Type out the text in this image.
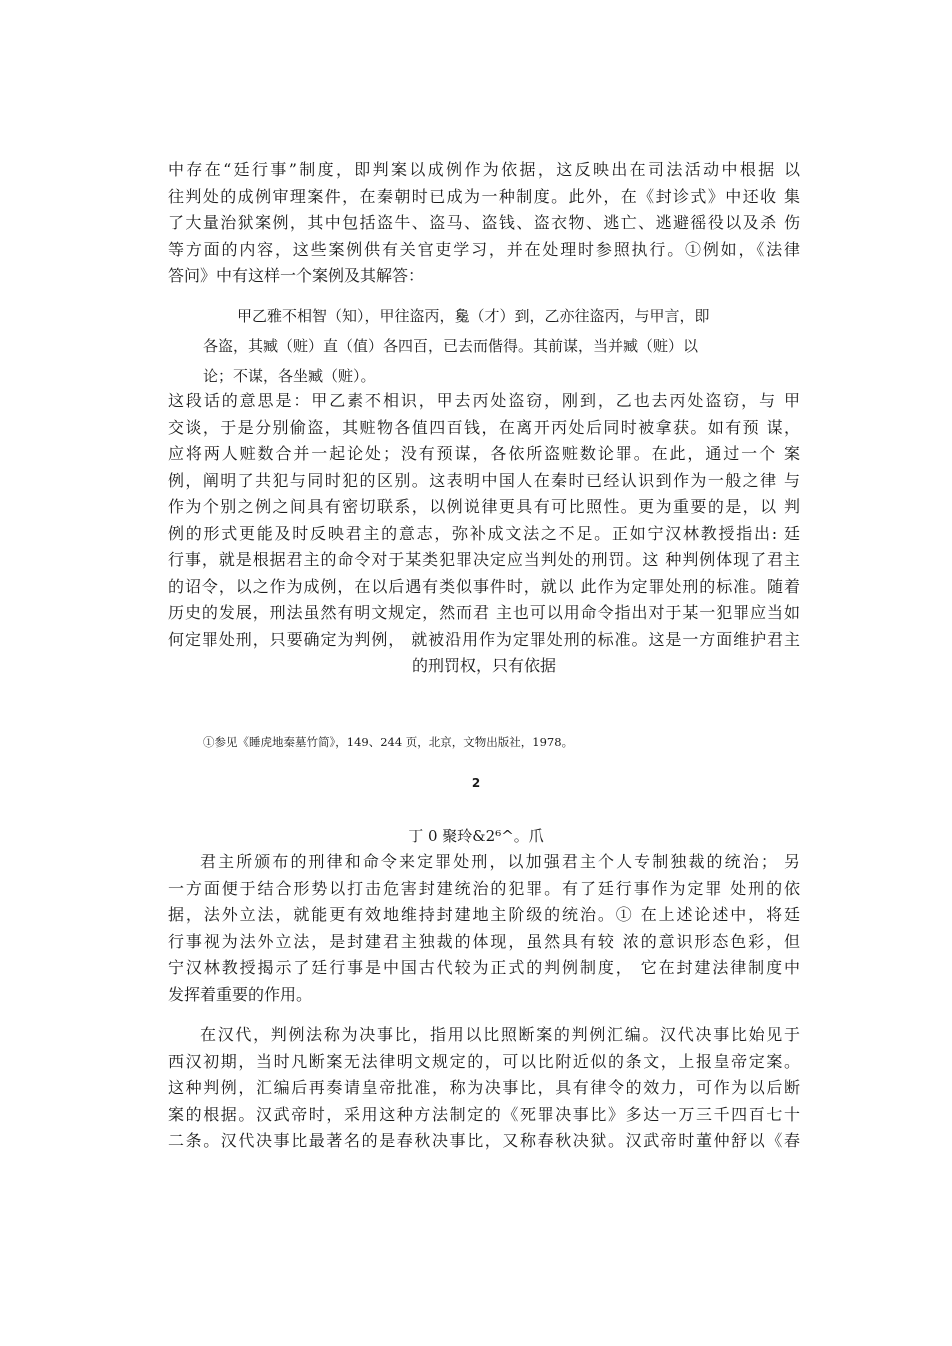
中存在“廷行事”制度，即判案以成例作为依据，这反映出在司法活动中根据 以
往判处的成例审理案件，在秦朝时已成为一种制度。此外，在《封诊式》中还收 集
了大量治狱案例，其中包括盗牛、盗马、盗钱、盗衣物、逃亡、逃避徭役以及杀 伤
等方面的内容，这些案例供有关官吏学习，并在处理时参照执行。①例如，《法律
答问》中有这样一个案例及其解答：
甲乙雅不相智（知），甲往盗丙，毚（才）到，乙亦往盗丙，与甲言，即
各盗，其臧（赃）直（值）各四百，已去而偕得。其前谋，当并臧（赃）以
论；不谋，各坐臧（赃）。
这段话的意思是：甲乙素不相识，甲去丙处盗窃，刚到，乙也去丙处盗窃，与 甲
交谈，于是分别偷盗，其赃物各值四百钱，在离开丙处后同时被拿获。如有预 谋，
应将两人赃数合并一起论处；没有预谋，各依所盗赃数论罪。在此，通过一个 案
例，阐明了共犯与同时犯的区别。这表明中国人在秦时已经认识到作为一般之律 与
作为个别之例之间具有密切联系，以例说律更具有可比照性。更为重要的是，以 判
例的形式更能及时反映君主的意志，弥补成文法之不足。正如宁汉林教授指出: 廷
行事，就是根据君主的命令对于某类犯罪决定应当判处的刑罚。这 种判例体现了君主
的诏令，以之作为成例，在以后遇有类似事件时，就以 此作为定罪处刑的标准。随着
历史的发展，刑法虽然有明文规定，然而君 主也可以用命令指出对于某一犯罪应当如
何定罪处刑，只要确定为判例， 就被沿用作为定罪处刑的标准。这是一方面维护君主
的刑罚权，只有依据
①参见《睡虎地秦墓竹简》，149、244 页，北京，文物出版社，1978。
2
丁 0 聚玲&2⁶^。爪
君主所颁布的刑律和命令来定罪处刑，以加强君主个人专制独裁的统治； 另
一方面便于结合形势以打击危害封建统治的犯罪。有了廷行事作为定罪 处刑的依
据，法外立法，就能更有效地维持封建地主阶级的统治。① 在上述论述中，将廷
行事视为法外立法，是封建君主独裁的体现，虽然具有较 浓的意识形态色彩，但
宁汉林教授揭示了廷行事是中国古代较为正式的判例制度， 它在封建法律制度中
发挥着重要的作用。
在汉代，判例法称为决事比，指用以比照断案的判例汇编。汉代决事比始见于
西汉初期，当时凡断案无法律明文规定的，可以比附近似的条文，上报皇帝定案。
这种判例，汇编后再奏请皇帝批准，称为决事比，具有律令的效力，可作为以后断
案的根据。汉武帝时，采用这种方法制定的《死罪决事比》多达一万三千四百七十
二条。汉代决事比最著名的是春秋决事比，又称春秋决狱。汉武帝时董仲舒以《春
